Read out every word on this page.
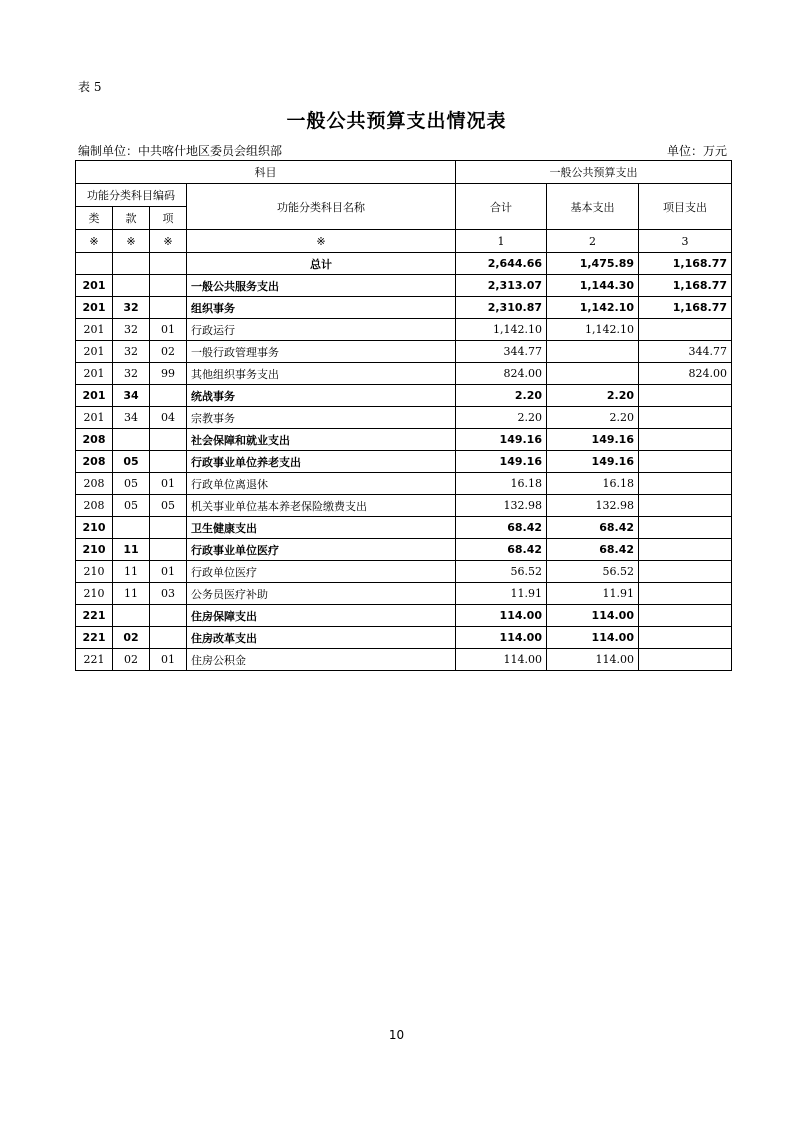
表 5
一般公共预算支出情况表
编制单位：中共喀什地区委员会组织部	单位：万元
科目				一般公共预算支出		
功能分类科目编码			功能分类科目名称	合计	基本支出	项目支出
类	款	项				
※	※	※	※	1	2	3
			总计	2,644.66	1,475.89	1,168.77
201			一般公共服务支出	2,313.07	1,144.30	1,168.77
201	32		组织事务	2,310.87	1,142.10	1,168.77
201	32	01	行政运行	1,142.10	1,142.10	
201	32	02	一般行政管理事务	344.77		344.77
201	32	99	其他组织事务支出	824.00		824.00
201	34		统战事务	2.20	2.20	
201	34	04	宗教事务	2.20	2.20	
208			社会保障和就业支出	149.16	149.16	
208	05		行政事业单位养老支出	149.16	149.16	
208	05	01	行政单位离退休	16.18	16.18	
208	05	05	机关事业单位基本养老保险缴费支出	132.98	132.98	
210			卫生健康支出	68.42	68.42	
210	11		行政事业单位医疗	68.42	68.42	
210	11	01	行政单位医疗	56.52	56.52	
210	11	03	公务员医疗补助	11.91	11.91	
221			住房保障支出	114.00	114.00	
221	02		住房改革支出	114.00	114.00	
221	02	01	住房公积金	114.00	114.00	
10
